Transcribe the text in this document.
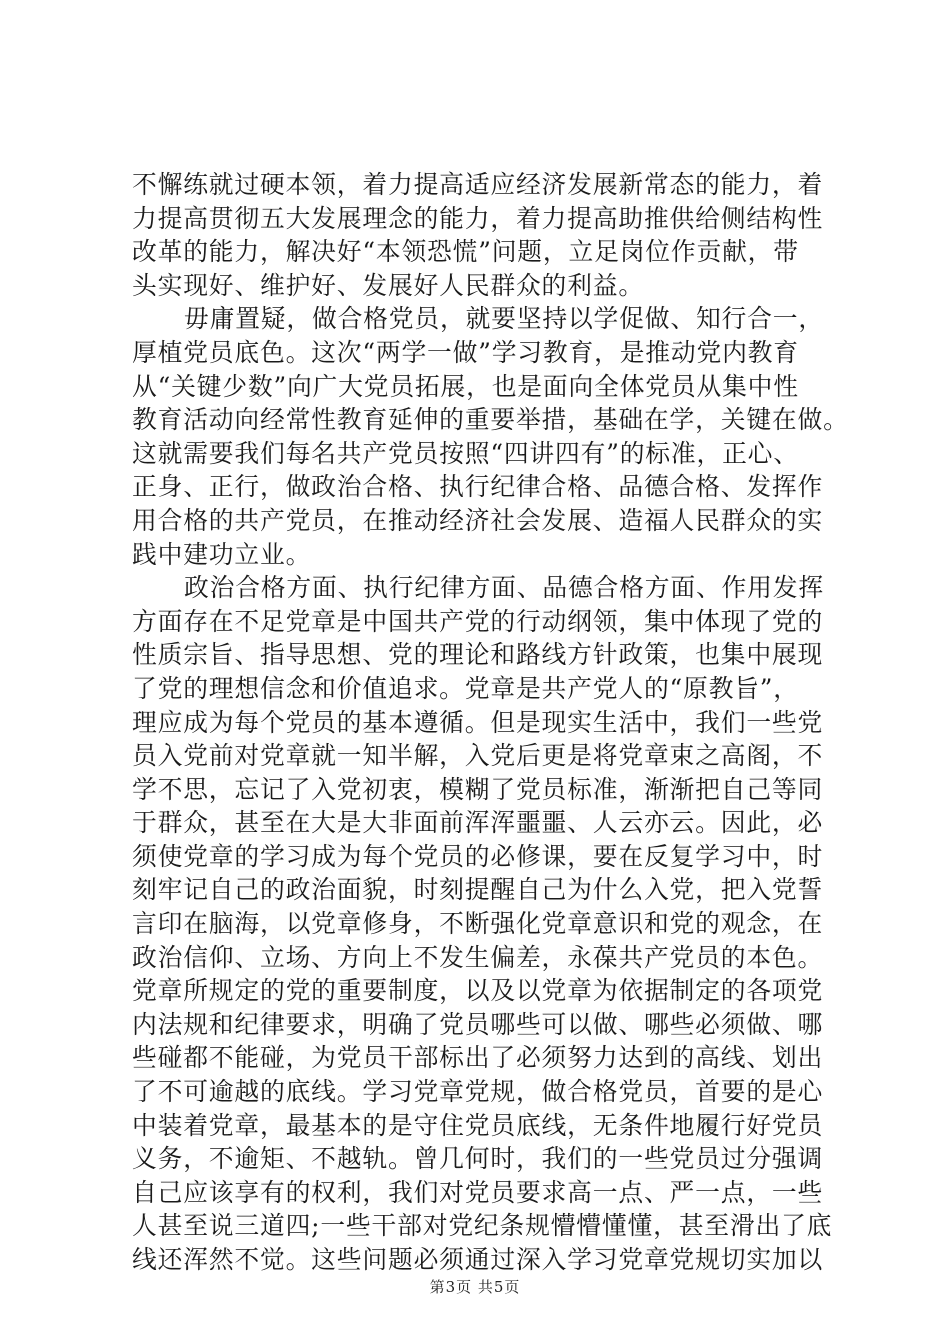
不懈练就过硬本领，着力提高适应经济发展新常态的能力，着
力提高贯彻五大发展理念的能力，着力提高助推供给侧结构性
改革的能力，解决好“本领恐慌”问题，立足岗位作贡献，带
头实现好、维护好、发展好人民群众的利益。
毋庸置疑，做合格党员，就要坚持以学促做、知行合一，
厚植党员底色。这次“两学一做”学习教育，是推动党内教育
从“关键少数”向广大党员拓展，也是面向全体党员从集中性
教育活动向经常性教育延伸的重要举措，基础在学，关键在做。
这就需要我们每名共产党员按照“四讲四有”的标准，正心、
正身、正行，做政治合格、执行纪律合格、品德合格、发挥作
用合格的共产党员，在推动经济社会发展、造福人民群众的实
践中建功立业。
政治合格方面、执行纪律方面、品德合格方面、作用发挥
方面存在不足党章是中国共产党的行动纲领，集中体现了党的
性质宗旨、指导思想、党的理论和路线方针政策，也集中展现
了党的理想信念和价值追求。党章是共产党人的“原教旨”，
理应成为每个党员的基本遵循。但是现实生活中，我们一些党
员入党前对党章就一知半解，入党后更是将党章束之高阁，不
学不思，忘记了入党初衷，模糊了党员标准，渐渐把自己等同
于群众，甚至在大是大非面前浑浑噩噩、人云亦云。因此，必
须使党章的学习成为每个党员的必修课，要在反复学习中，时
刻牢记自己的政治面貌，时刻提醒自己为什么入党，把入党誓
言印在脑海，以党章修身，不断强化党章意识和党的观念，在
政治信仰、立场、方向上不发生偏差，永葆共产党员的本色。
党章所规定的党的重要制度，以及以党章为依据制定的各项党
内法规和纪律要求，明确了党员哪些可以做、哪些必须做、哪
些碰都不能碰，为党员干部标出了必须努力达到的高线、划出
了不可逾越的底线。学习党章党规，做合格党员，首要的是心
中装着党章，最基本的是守住党员底线，无条件地履行好党员
义务，不逾矩、不越轨。曾几何时，我们的一些党员过分强调
自己应该享有的权利，我们对党员要求高一点、严一点，一些
人甚至说三道四;一些干部对党纪条规懵懵懂懂，甚至滑出了底
线还浑然不觉。这些问题必须通过深入学习党章党规切实加以
第3页 共5页
